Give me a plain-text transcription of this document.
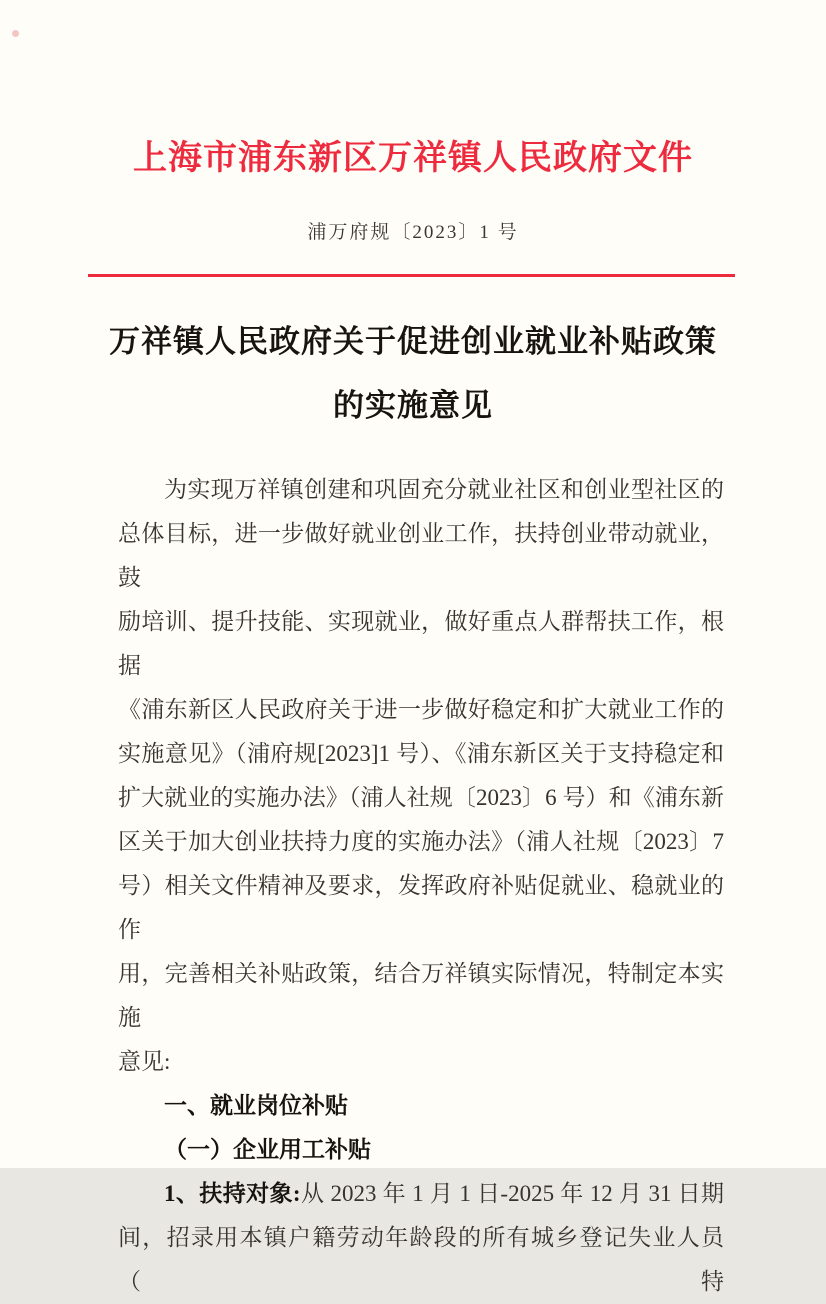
上海市浦东新区万祥镇人民政府文件
浦万府规〔2023〕1 号
万祥镇人民政府关于促进创业就业补贴政策
的实施意见
为实现万祥镇创建和巩固充分就业社区和创业型社区的
总体目标，进一步做好就业创业工作，扶持创业带动就业，鼓
励培训、提升技能、实现就业，做好重点人群帮扶工作，根据
《浦东新区人民政府关于进一步做好稳定和扩大就业工作的
实施意见》（浦府规[2023]1 号）、《浦东新区关于支持稳定和
扩大就业的实施办法》（浦人社规〔2023〕6 号）和《浦东新
区关于加大创业扶持力度的实施办法》（浦人社规〔2023〕7
号）相关文件精神及要求，发挥政府补贴促就业、稳就业的作
用，完善相关补贴政策，结合万祥镇实际情况，特制定本实施
意见:
一、就业岗位补贴
（一）企业用工补贴
1、扶持对象:从 2023 年 1 月 1 日-2025 年 12 月 31 日期
间，招录用本镇户籍劳动年龄段的所有城乡登记失业人员（特
